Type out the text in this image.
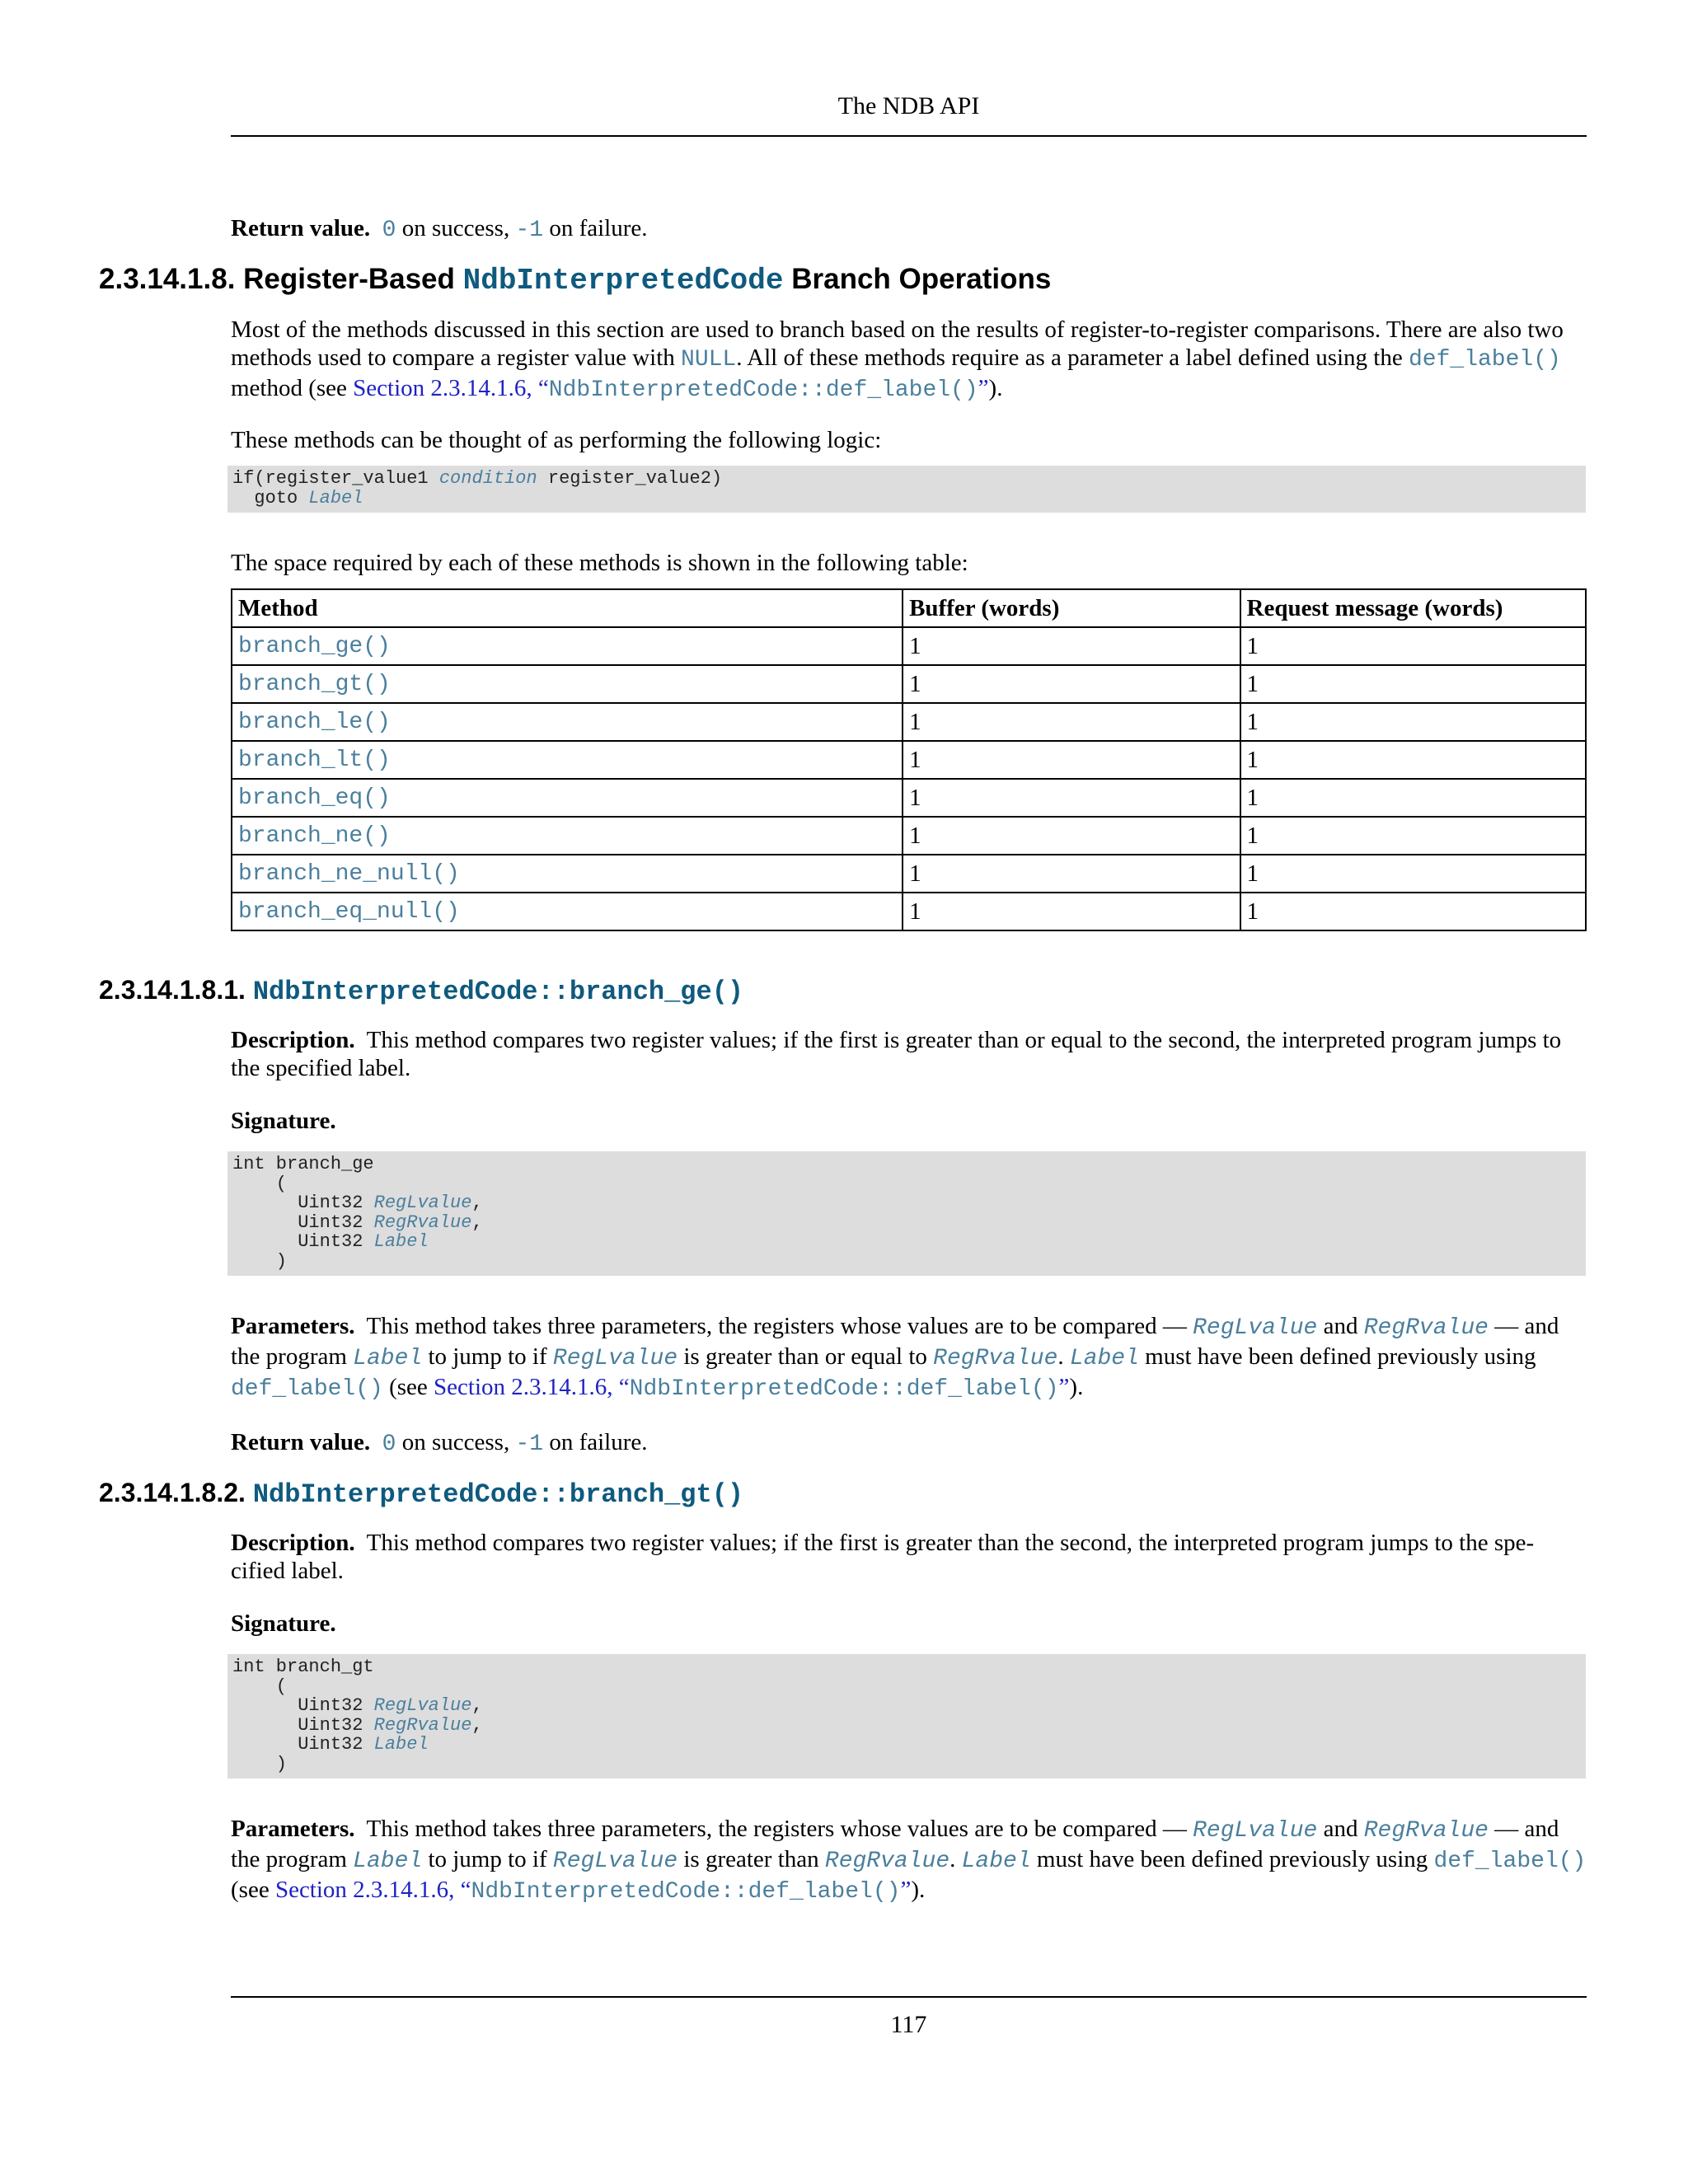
The NDB API

Return value. 0 on success, -1 on failure.

2.3.14.1.8. Register-Based NdbInterpretedCode Branch Operations

Most of the methods discussed in this section are used to branch based on the results of register-to-register comparisons. There are also two methods used to compare a register value with NULL. All of these methods require as a parameter a label defined using the def_label() method (see Section 2.3.14.1.6, “NdbInterpretedCode::def_label()”).

These methods can be thought of as performing the following logic:

if(register_value1 condition register_value2)
goto Label

The space required by each of these methods is shown in the following table:

Method	Buffer (words)	Request message (words)
branch_ge()	1	1
branch_gt()	1	1
branch_le()	1	1
branch_lt()	1	1
branch_eq()	1	1
branch_ne()	1	1
branch_ne_null()	1	1
branch_eq_null()	1	1
2.3.14.1.8.1. NdbInterpretedCode::branch_ge()

Description. This method compares two register values; if the first is greater than or equal to the second, the interpreted program jumps to the specified label.

Signature.

int branch_ge
(
Uint32 RegLvalue,
Uint32 RegRvalue,
Uint32 Label
)

Parameters. This method takes three parameters, the registers whose values are to be compared — RegLvalue and RegRvalue — and the program Label to jump to if RegLvalue is greater than or equal to RegRvalue. Label must have been defined previously using def_label() (see Section 2.3.14.1.6, “NdbInterpretedCode::def_label()”).

Return value. 0 on success, -1 on failure.

2.3.14.1.8.2. NdbInterpretedCode::branch_gt()

Description. This method compares two register values; if the first is greater than the second, the interpreted program jumps to the spe-cified label.

Signature.

int branch_gt
(
Uint32 RegLvalue,
Uint32 RegRvalue,
Uint32 Label
)

Parameters. This method takes three parameters, the registers whose values are to be compared — RegLvalue and RegRvalue — and the program Label to jump to if RegLvalue is greater than RegRvalue. Label must have been defined previously using def_label() (see Section 2.3.14.1.6, “NdbInterpretedCode::def_label()”).

117
